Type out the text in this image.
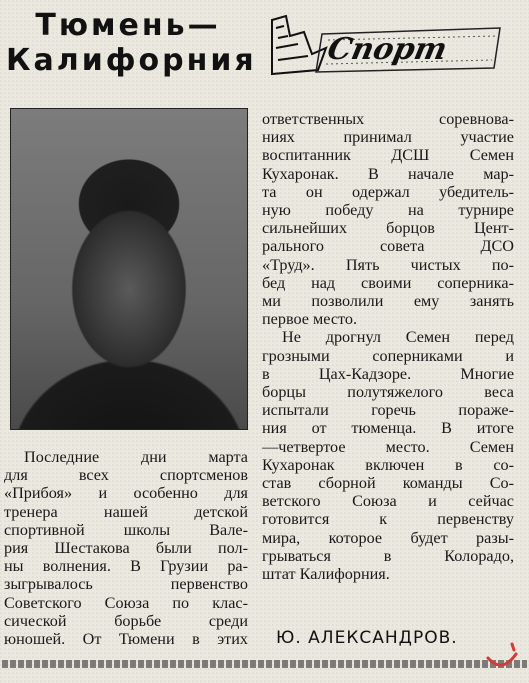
Тюмень—
Калифорния Спорт
Последние дни марта
для всех спортсменов
«Прибоя» и особенно для
тренера нашей детской
спортивной школы Вале-
рия Шестакова были пол-
ны волнения. В Грузии ра-
зыгрывалось первенство
Советского Союза по клас-
сической борьбе среди
юношей. От Тюмени в этих
ответственных соревнова-
ниях принимал участие
воспитанник ДСШ Семен
Кухаронак. В начале мар-
та он одержал убедитель-
ную победу на турнире
сильнейших борцов Цент-
рального совета ДСО
«Труд». Пять чистых по-
бед над своими соперника-
ми позволили ему занять
первое место.
Не дрогнул Семен перед
грозными соперниками и
в Цах-Кадзоре. Многие
борцы полутяжелого веса
испытали горечь пораже-
ния от тюменца. В итоге
—четвертое место. Семен
Кухаронак включен в со-
став сборной команды Со-
ветского Союза и сейчас
готовится к первенству
мира, которое будет разы-
грываться в Колорадо,
штат Калифорния.
Ю. АЛЕКСАНДРОВ.
